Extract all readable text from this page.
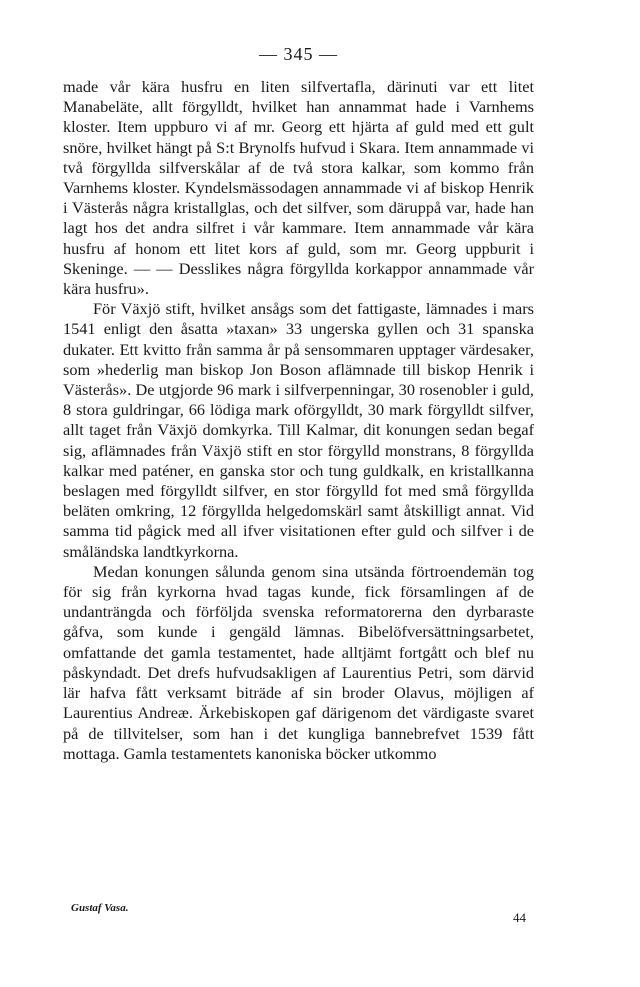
— 345 —

made vår kära husfru en liten silfvertafla, därinuti var ett litet Manabeläte, allt förgylldt, hvilket han annammat hade i Varnhems kloster. Item uppburo vi af mr. Georg ett hjärta af guld med ett gult snöre, hvilket hängt på S:t Brynolfs hufvud i Skara. Item annammade vi två förgyllda silfverskålar af de två stora kalkar, som kommo från Varnhems kloster. Kyndelsmässodagen annammade vi af biskop Henrik i Västerås några kristallglas, och det silfver, som däruppå var, hade han lagt hos det andra silfret i vår kammare. Item annammade vår kära husfru af honom ett litet kors af guld, som mr. Georg uppburit i Skeninge. — — Desslikes några förgyllda korkappor annammade vår kära husfru».

För Växjö stift, hvilket ansågs som det fattigaste, lämnades i mars 1541 enligt den åsatta »taxan» 33 ungerska gyllen och 31 spanska dukater. Ett kvitto från samma år på sensommaren upptager värdesaker, som »hederlig man biskop Jon Boson aflämnade till biskop Henrik i Västerås». De utgjorde 96 mark i silfverpenningar, 30 rosenobler i guld, 8 stora guldringar, 66 lödiga mark oförgylldt, 30 mark förgylldt silfver, allt taget från Växjö domkyrka. Till Kalmar, dit konungen sedan begaf sig, aflämnades från Växjö stift en stor förgylld monstrans, 8 förgyllda kalkar med paténer, en ganska stor och tung guldkalk, en kristallkanna beslagen med förgylldt silfver, en stor förgylld fot med små förgyllda beläten omkring, 12 förgyllda helgedomskärl samt åtskilligt annat. Vid samma tid pågick med all ifver visitationen efter guld och silfver i de småländska landtkyrkorna.

Medan konungen sålunda genom sina utsända förtroendemän tog för sig från kyrkorna hvad tagas kunde, fick församlingen af de undanträngda och förföljda svenska reformatorerna den dyrbaraste gåfva, som kunde i gengäld lämnas. Bibelöfversättningsarbetet, omfattande det gamla testamentet, hade alltjämt fortgått och blef nu påskyndadt. Det drefs hufvudsakligen af Laurentius Petri, som därvid lär hafva fått verksamt biträde af sin broder Olavus, möjligen af Laurentius Andreæ. Ärkebiskopen gaf därigenom det värdigaste svaret på de tillvitelser, som han i det kungliga bannebrefvet 1539 fått mottaga. Gamla testamentets kanoniska böcker utkommo

Gustaf Vasa.
44
